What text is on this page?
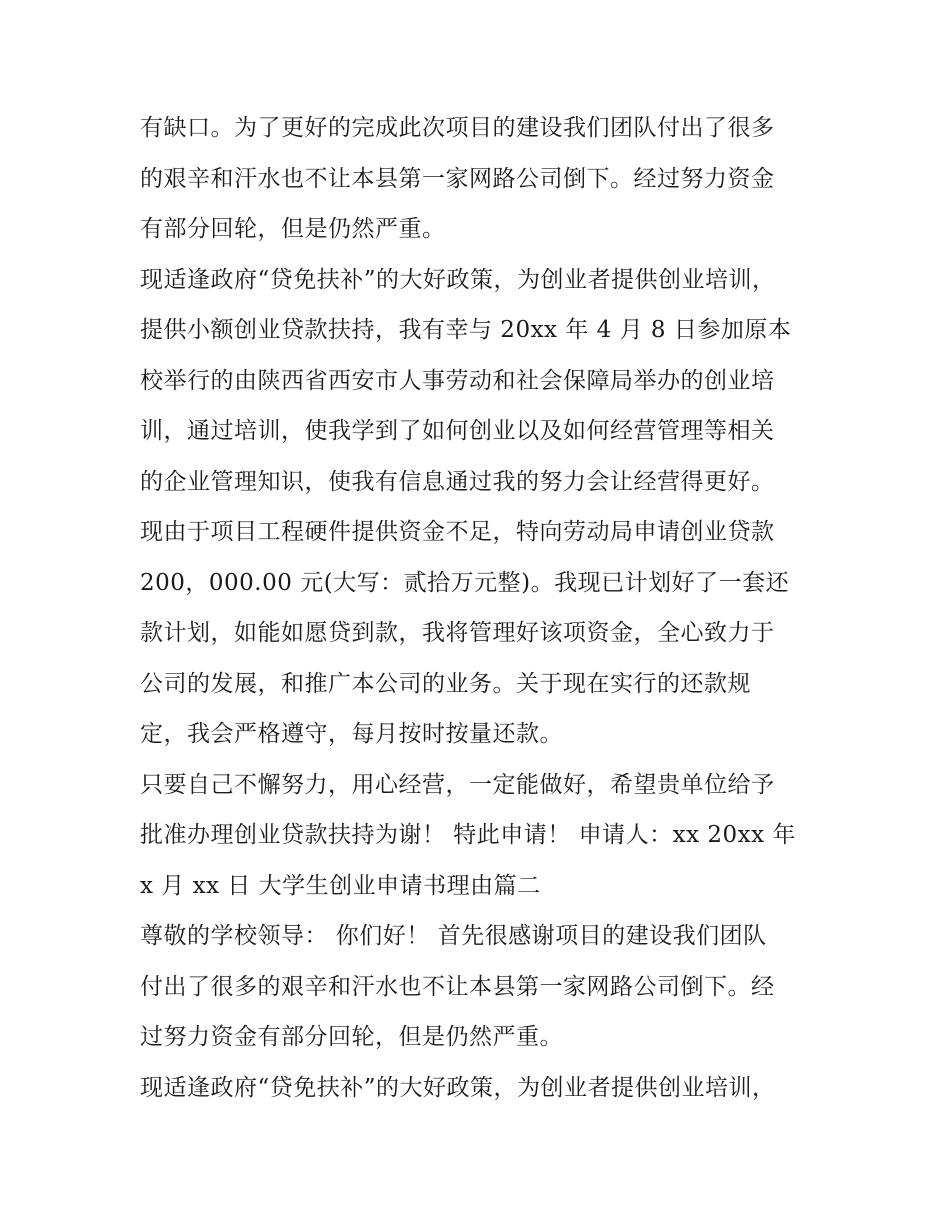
有缺口。为了更好的完成此次项目的建设我们团队付出了很多
的艰辛和汗水也不让本县第一家网路公司倒下。经过努力资金
有部分回轮，但是仍然严重。
现适逢政府“贷免扶补”的大好政策，为创业者提供创业培训，
提供小额创业贷款扶持，我有幸与 20xx 年 4 月 8 日参加原本
校举行的由陕西省西安市人事劳动和社会保障局举办的创业培
训，通过培训，使我学到了如何创业以及如何经营管理等相关
的企业管理知识，使我有信息通过我的努力会让经营得更好。
现由于项目工程硬件提供资金不足，特向劳动局申请创业贷款
200，000.00 元(大写：贰拾万元整)。我现已计划好了一套还
款计划，如能如愿贷到款，我将管理好该项资金，全心致力于
公司的发展，和推广本公司的业务。关于现在实行的还款规
定，我会严格遵守，每月按时按量还款。
只要自己不懈努力，用心经营，一定能做好，希望贵单位给予
批准办理创业贷款扶持为谢！ 特此申请！ 申请人：xx 20xx 年
x 月 xx 日 大学生创业申请书理由篇二
尊敬的学校领导： 你们好！ 首先很感谢项目的建设我们团队
付出了很多的艰辛和汗水也不让本县第一家网路公司倒下。经
过努力资金有部分回轮，但是仍然严重。
现适逢政府“贷免扶补”的大好政策，为创业者提供创业培训，
